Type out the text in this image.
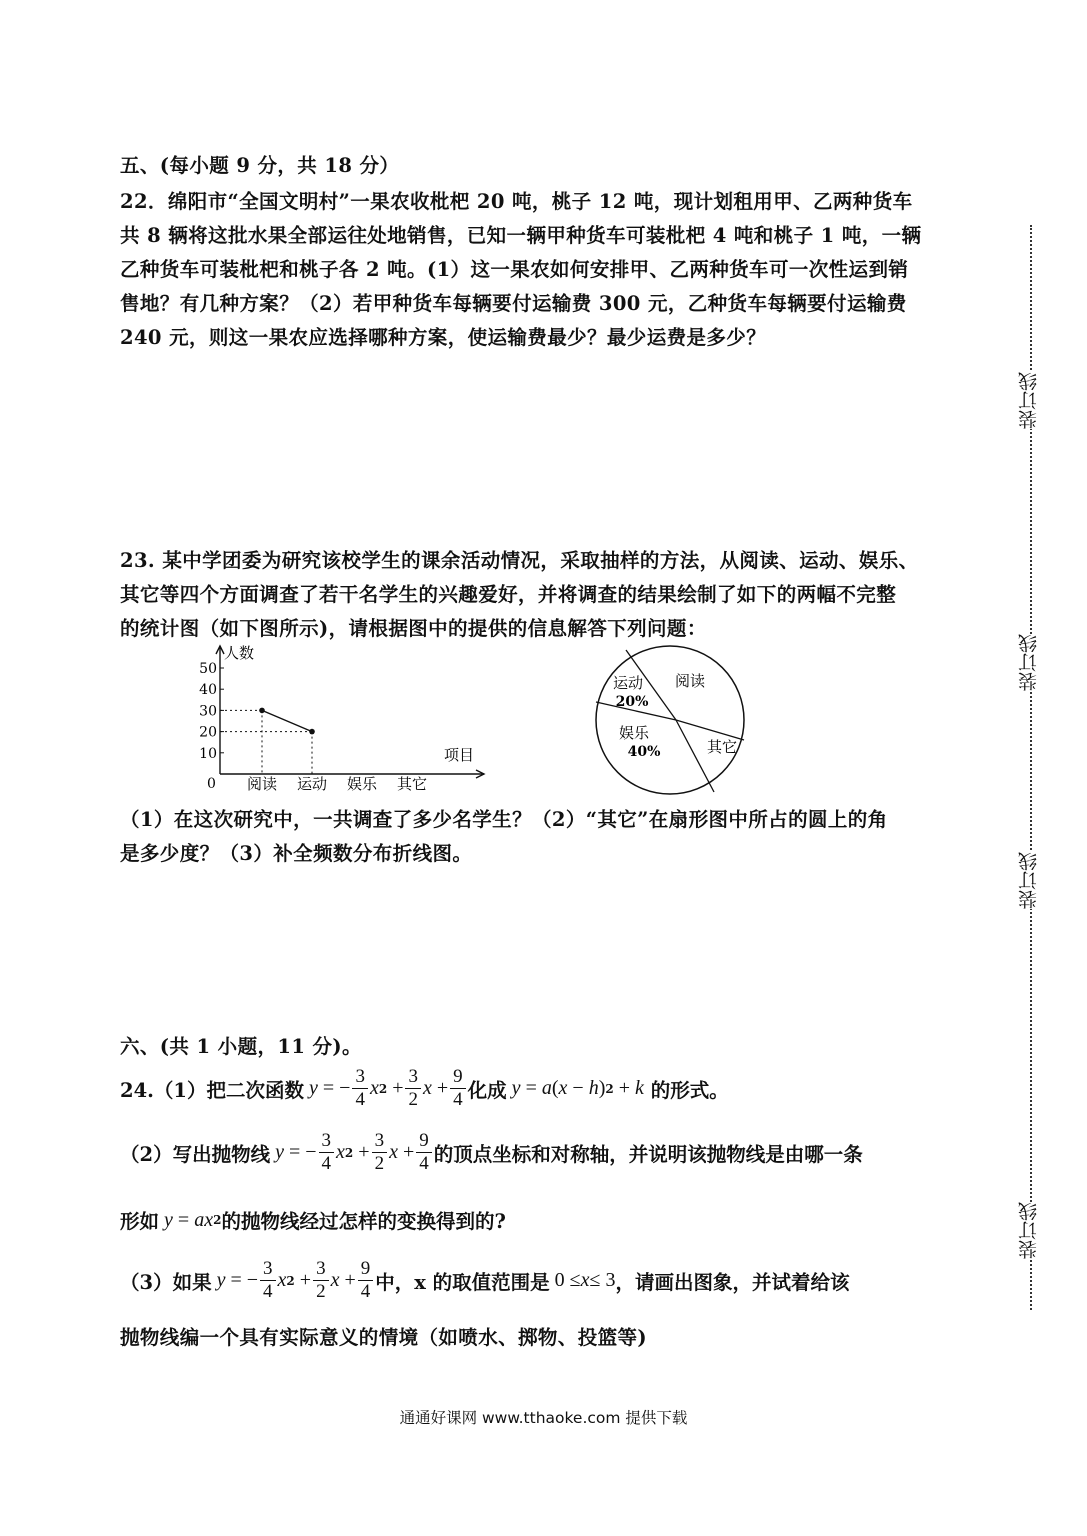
五、(每小题 9 分，共 18 分）
22．绵阳市“全国文明村”一果农收枇杷 20 吨，桃子 12 吨，现计划租用甲、乙两种货车
共 8 辆将这批水果全部运往处地销售，已知一辆甲种货车可装枇杷 4 吨和桃子 1 吨，一辆
乙种货车可装枇杷和桃子各 2 吨。(1）这一果农如何安排甲、乙两种货车可一次性运到销
售地？有几种方案？（2）若甲种货车每辆要付运输费 300 元，乙种货车每辆要付运输费
240 元，则这一果农应选择哪种方案，使运输费最少？最少运费是多少？
23. 某中学团委为研究该校学生的课余活动情况，采取抽样的方法，从阅读、运动、娱乐、
其它等四个方面调查了若干名学生的兴趣爱好，并将调查的结果绘制了如下的两幅不完整
的统计图（如下图所示)，请根据图中的提供的信息解答下列问题：
人数
项目
0
10
20
30
40
50
阅读 运动 娱乐 其它
阅读
运动
20%
娱乐
40%	其它
（1）在这次研究中，一共调查了多少名学生？（2）“其它”在扇形图中所占的圆上的角
是多少度？（3）补全频数分布折线图。
六、(共 1 小题，11 分)。
24.（1）把二次函数 y = − $\frac{3}{4}$ x $2 + \frac{3}{2}$ $x + \frac{9}{4}$ 化成 y = a ( x − h ) 2 + k
的形式。
（2）写出抛物线 y = − $\frac{3}{4}$ x $2 + \frac{3}{2}$ $x + \frac{9}{4}$ 的顶点坐标和对称轴，并说明该抛物线是由哪一条
形如 y = ax 2 的抛物线经过怎样的变换得到的?
（3）如果 y = − $\frac{3}{4}$ x $2 + \frac{3}{2}$ $x + \frac{9}{4}$ 中，x 的取值范围是 0 ≤ x ≤ 3 ，请画出图象，并试着给该
抛物线编一个具有实际意义的情境（如喷水、掷物、投篮等)
装订线
装订线
装订线
装订线
通通好课网 www.tthaoke.com 提供下载
